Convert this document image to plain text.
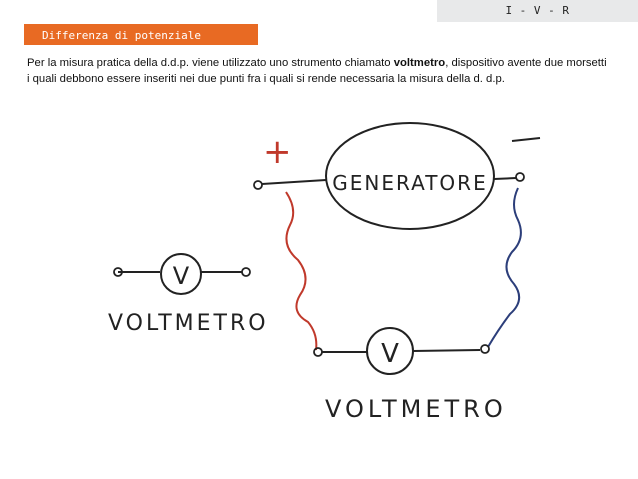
I - V - R
Differenza di potenziale
Per la misura pratica della d.d.p. viene utilizzato uno strumento chiamato voltmetro, dispositivo avente due morsetti i quali debbono essere inseriti nei due punti fra i quali si rende necessaria la misura della d. d.p.
V
VOLTMETRO
+
GENERATORE
V
VOLTMETRO
